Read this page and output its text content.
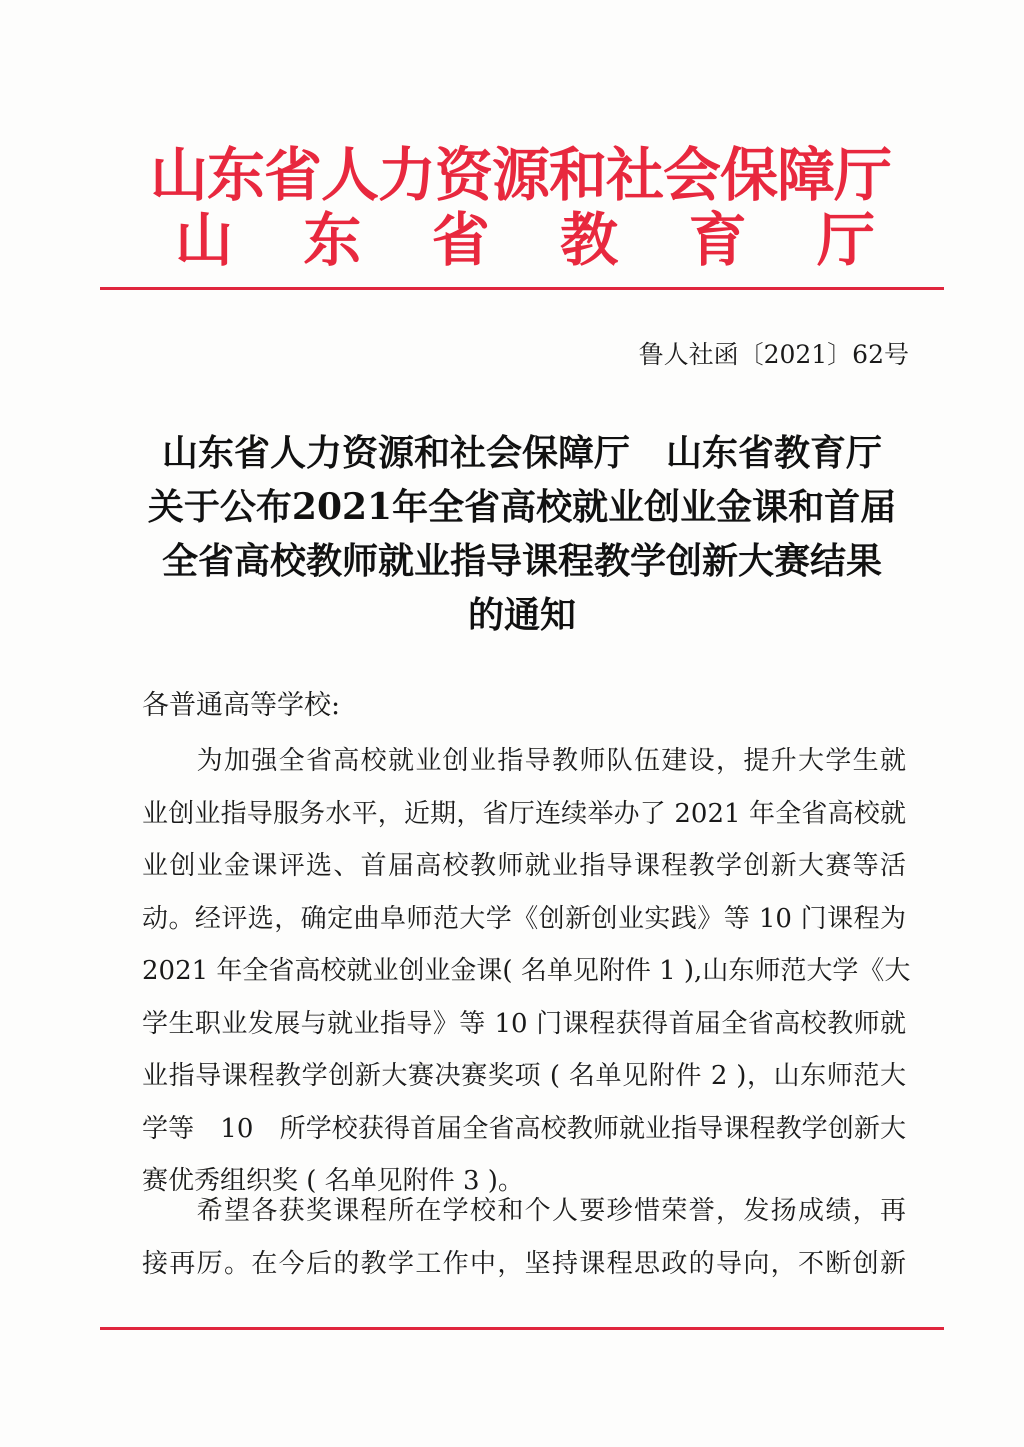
山东省人力资源和社会保障厅
山 东 省 教 育 厅
鲁人社函〔2021〕62号
山东省人力资源和社会保障厅　山东省教育厅
关于公布2021年全省高校就业创业金课和首届
全省高校教师就业指导课程教学创新大赛结果
的通知
各普通高等学校:
　　为加强全省高校就业创业指导教师队伍建设，提升大学生就
业创业指导服务水平，近期，省厅连续举办了 2021 年全省高校就
业创业金课评选、首届高校教师就业指导课程教学创新大赛等活
动。经评选，确定曲阜师范大学《创新创业实践》等 10 门课程为
2021 年全省高校就业创业金课( 名单见附件 1 ),山东师范大学《大
学生职业发展与就业指导》等 10 门课程获得首届全省高校教师就
业指导课程教学创新大赛决赛奖项 ( 名单见附件 2 )，山东师范大
学等　10　所学校获得首届全省高校教师就业指导课程教学创新大
赛优秀组织奖 ( 名单见附件 3 )。
　　希望各获奖课程所在学校和个人要珍惜荣誉，发扬成绩，再
接再厉。在今后的教学工作中，坚持课程思政的导向，不断创新
